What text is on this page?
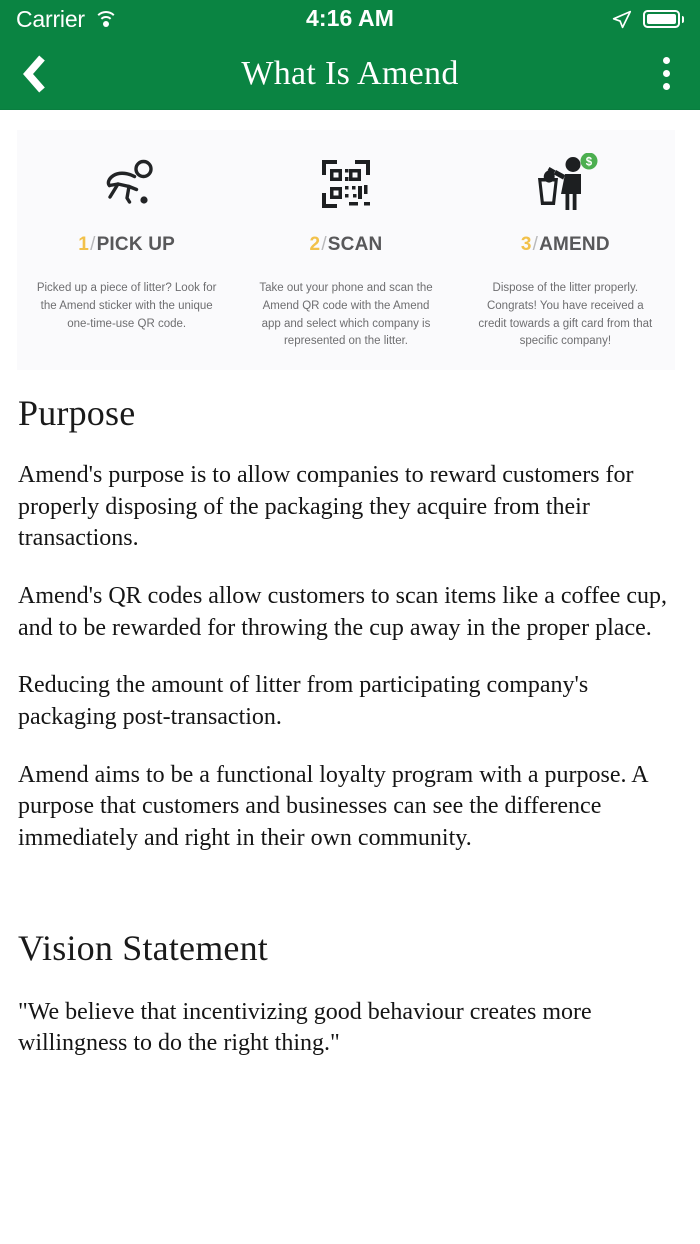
Carrier	4:16 AM
What Is Amend
1/PICK UP
Picked up a piece of litter? Look for the Amend sticker with the unique one-time-use QR code.
2/SCAN
Take out your phone and scan the Amend QR code with the Amend app and select which company is represented on the litter.
$
3/AMEND
Dispose of the litter properly. Congrats! You have received a credit towards a gift card from that specific company!
Purpose

Amend's purpose is to allow companies to reward customers for properly disposing of the packaging they acquire from their transactions.

Amend's QR codes allow customers to scan items like a coffee cup, and to be rewarded for throwing the cup away in the proper place.

Reducing the amount of litter from participating company's packaging post-transaction.

Amend aims to be a functional loyalty program with a purpose. A purpose that customers and businesses can see the difference immediately and right in their own community.

Vision Statement

"We believe that incentivizing good behaviour creates more willingness to do the right thing."
